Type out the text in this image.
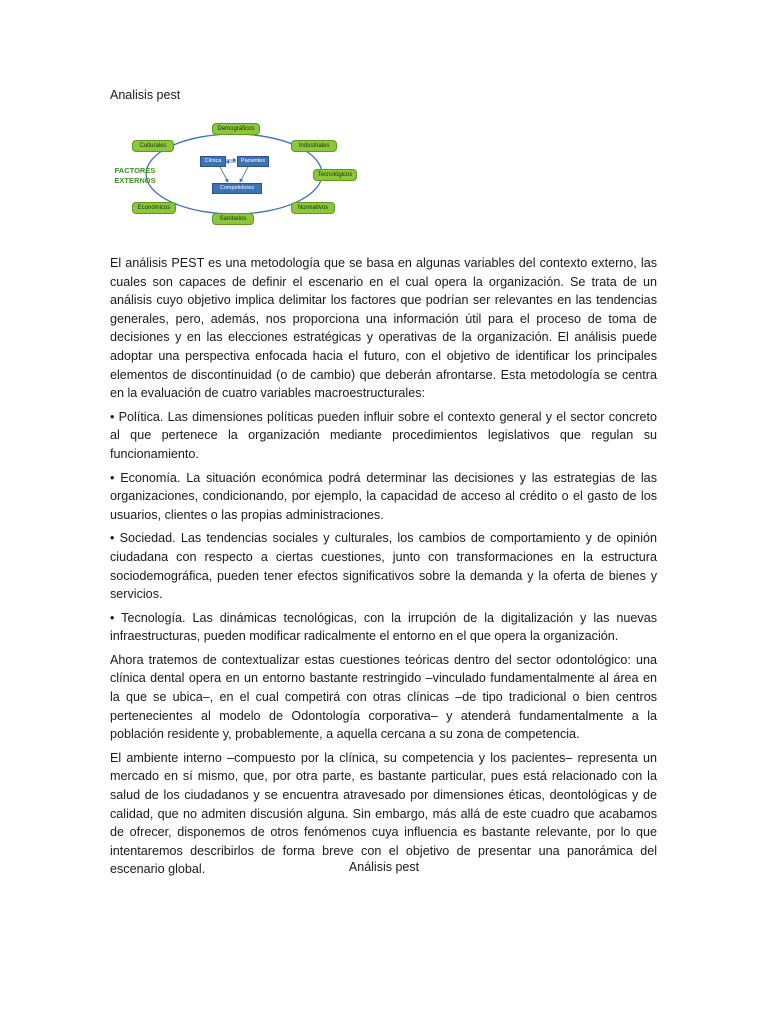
Analisis pest
FACTORES
EXTERNOS
Demográficos
Culturales	Industriales
Tecnológicos
Económicos	Normativos
Sanitarios
Clínica	Pacientes
Competidores

El análisis PEST es una metodología que se basa en algunas variables del contexto externo, las cuales son capaces de definir el escenario en el cual opera la organización. Se trata de un análisis cuyo objetivo implica delimitar los factores que podrían ser relevantes en las tendencias generales, pero, además, nos proporciona una información útil para el proceso de toma de decisiones y en las elecciones estratégicas y operativas de la organización. El análisis puede adoptar una perspectiva enfocada hacia el futuro, con el objetivo de identificar los principales elementos de discontinuidad (o de cambio) que deberán afrontarse. Esta metodología se centra en la evaluación de cuatro variables macroestructurales:

• Política. Las dimensiones políticas pueden influir sobre el contexto general y el sector concreto al que pertenece la organización mediante procedimientos legislativos que regulan su funcionamiento.

• Economía. La situación económica podrá determinar las decisiones y las estrategias de las organizaciones, condicionando, por ejemplo, la capacidad de acceso al crédito o el gasto de los usuarios, clientes o las propias administraciones.

• Sociedad. Las tendencias sociales y culturales, los cambios de comportamiento y de opinión ciudadana con respecto a ciertas cuestiones, junto con transformaciones en la estructura sociodemográfica, pueden tener efectos significativos sobre la demanda y la oferta de bienes y servicios.

• Tecnología. Las dinámicas tecnológicas, con la irrupción de la digitalización y las nuevas infraestructuras, pueden modificar radicalmente el entorno en el que opera la organización.

Ahora tratemos de contextualizar estas cuestiones teóricas dentro del sector odontológico: una clínica dental opera en un entorno bastante restringido –vinculado fundamentalmente al área en la que se ubica–, en el cual competirá con otras clínicas –de tipo tradicional o bien centros pertenecientes al modelo de Odontología corporativa– y atenderá fundamentalmente a la población residente y, probablemente, a aquella cercana a su zona de competencia.

El ambiente interno –compuesto por la clínica, su competencia y los pacientes– representa un mercado en sí mismo, que, por otra parte, es bastante particular, pues está relacionado con la salud de los ciudadanos y se encuentra atravesado por dimensiones éticas, deontológicas y de calidad, que no admiten discusión alguna. Sin embargo, más allá de este cuadro que acabamos de ofrecer, disponemos de otros fenómenos cuya influencia es bastante relevante, por lo que intentaremos describirlos de forma breve con el objetivo de presentar una panorámica del escenario global.	Análisis pest
